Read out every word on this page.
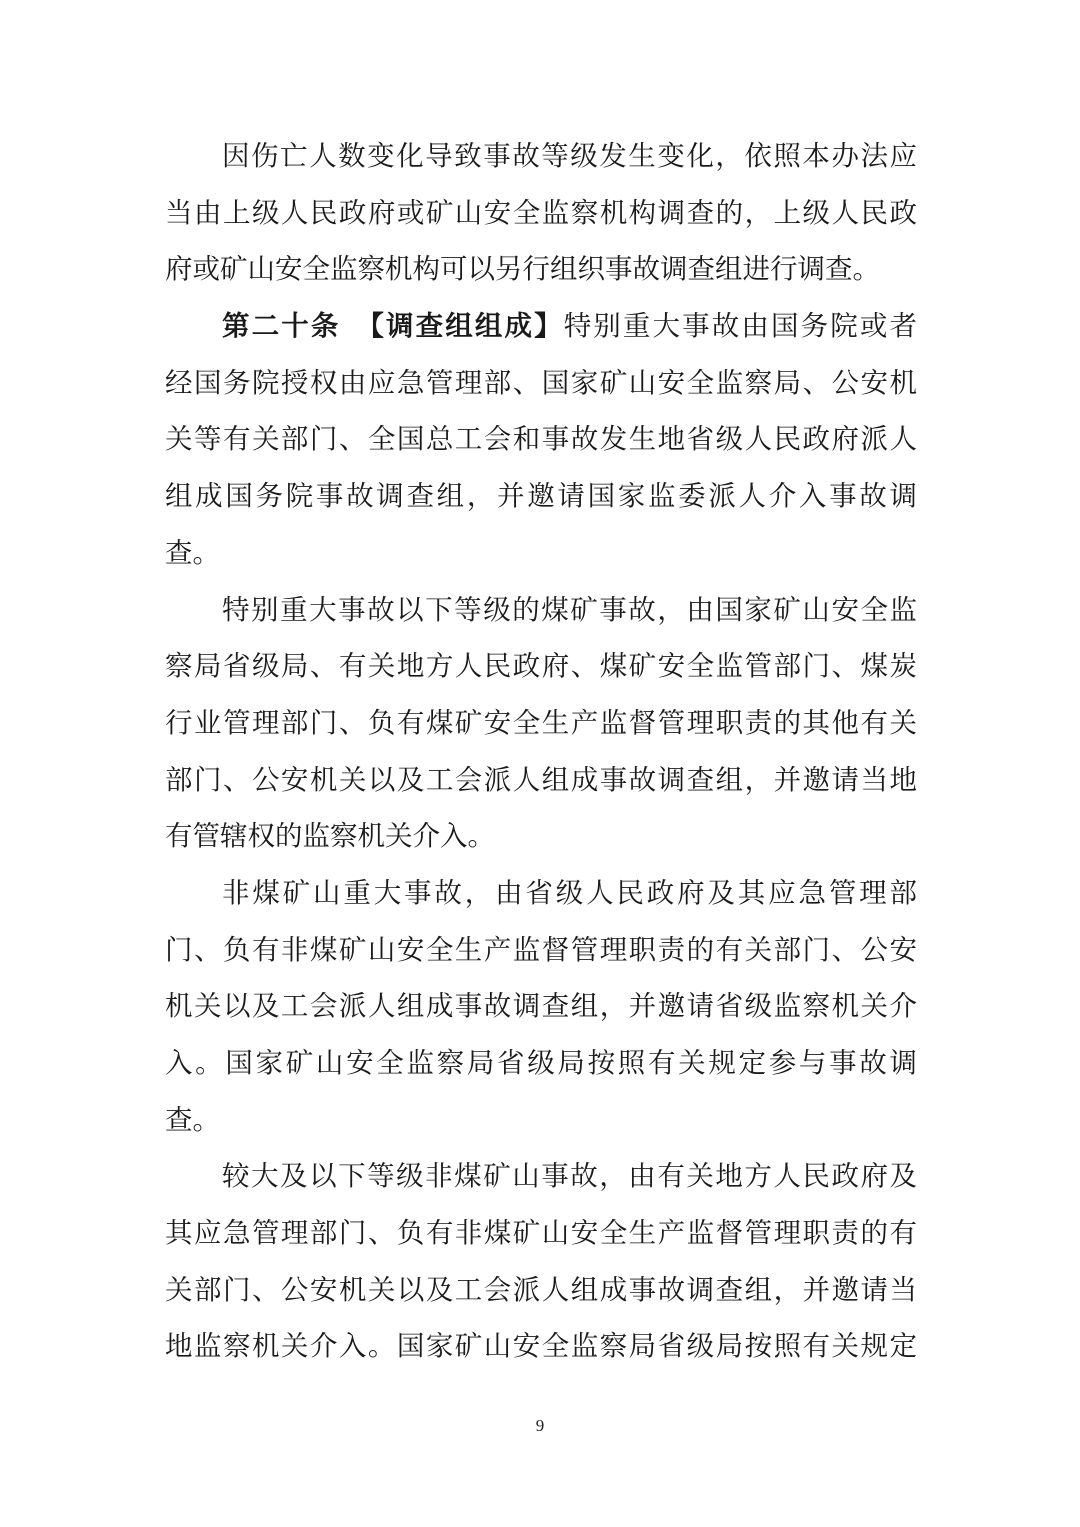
因伤亡人数变化导致事故等级发生变化，依照本办法应
当由上级人民政府或矿山安全监察机构调查的，上级人民政
府或矿山安全监察机构可以另行组织事故调查组进行调查。
第二十条　【调查组组成】特别重大事故由国务院或者
经国务院授权由应急管理部、国家矿山安全监察局、公安机
关等有关部门、全国总工会和事故发生地省级人民政府派人
组成国务院事故调查组，并邀请国家监委派人介入事故调
查。
特别重大事故以下等级的煤矿事故，由国家矿山安全监
察局省级局、有关地方人民政府、煤矿安全监管部门、煤炭
行业管理部门、负有煤矿安全生产监督管理职责的其他有关
部门、公安机关以及工会派人组成事故调查组，并邀请当地
有管辖权的监察机关介入。
非煤矿山重大事故，由省级人民政府及其应急管理部
门、负有非煤矿山安全生产监督管理职责的有关部门、公安
机关以及工会派人组成事故调查组，并邀请省级监察机关介
入。国家矿山安全监察局省级局按照有关规定参与事故调
查。
较大及以下等级非煤矿山事故，由有关地方人民政府及
其应急管理部门、负有非煤矿山安全生产监督管理职责的有
关部门、公安机关以及工会派人组成事故调查组，并邀请当
地监察机关介入。国家矿山安全监察局省级局按照有关规定
9
